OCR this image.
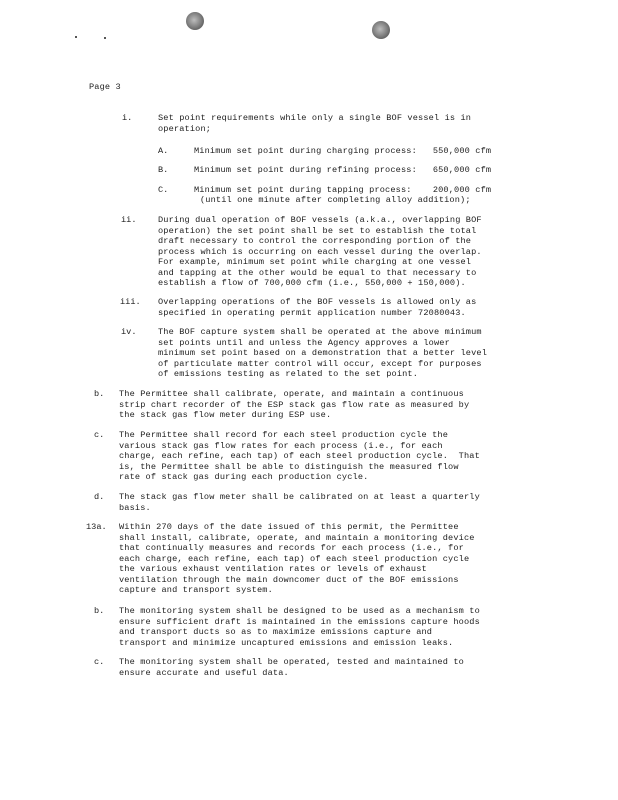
Page 3
i.	Set point requirements while only a single BOF vessel is in
operation;
A.	Minimum set point during charging process:   550,000 cfm
B.	Minimum set point during refining process:   650,000 cfm
C.	Minimum set point during tapping process:    200,000 cfm
(until one minute after completing alloy addition);
ii.	During dual operation of BOF vessels (a.k.a., overlapping BOF
operation) the set point shall be set to establish the total
draft necessary to control the corresponding portion of the
process which is occurring on each vessel during the overlap.
For example, minimum set point while charging at one vessel
and tapping at the other would be equal to that necessary to
establish a flow of 700,000 cfm (i.e., 550,000 + 150,000).
iii. Overlapping operations of the BOF vessels is allowed only as
specified in operating permit application number 72080043.
iv.	The BOF capture system shall be operated at the above minimum
set points until and unless the Agency approves a lower
minimum set point based on a demonstration that a better level
of particulate matter control will occur, except for purposes
of emissions testing as related to the set point.
b. The Permittee shall calibrate, operate, and maintain a continuous
strip chart recorder of the ESP stack gas flow rate as measured by
the stack gas flow meter during ESP use.
c. The Permittee shall record for each steel production cycle the
various stack gas flow rates for each process (i.e., for each
charge, each refine, each tap) of each steel production cycle.  That
is, the Permittee shall be able to distinguish the measured flow
rate of stack gas during each production cycle.
d. The stack gas flow meter shall be calibrated on at least a quarterly
basis.
13a. Within 270 days of the date issued of this permit, the Permittee
shall install, calibrate, operate, and maintain a monitoring device
that continually measures and records for each process (i.e., for
each charge, each refine, each tap) of each steel production cycle
the various exhaust ventilation rates or levels of exhaust
ventilation through the main downcomer duct of the BOF emissions
capture and transport system.
b. The monitoring system shall be designed to be used as a mechanism to
ensure sufficient draft is maintained in the emissions capture hoods
and transport ducts so as to maximize emissions capture and
transport and minimize uncaptured emissions and emission leaks.
c. The monitoring system shall be operated, tested and maintained to
ensure accurate and useful data.
